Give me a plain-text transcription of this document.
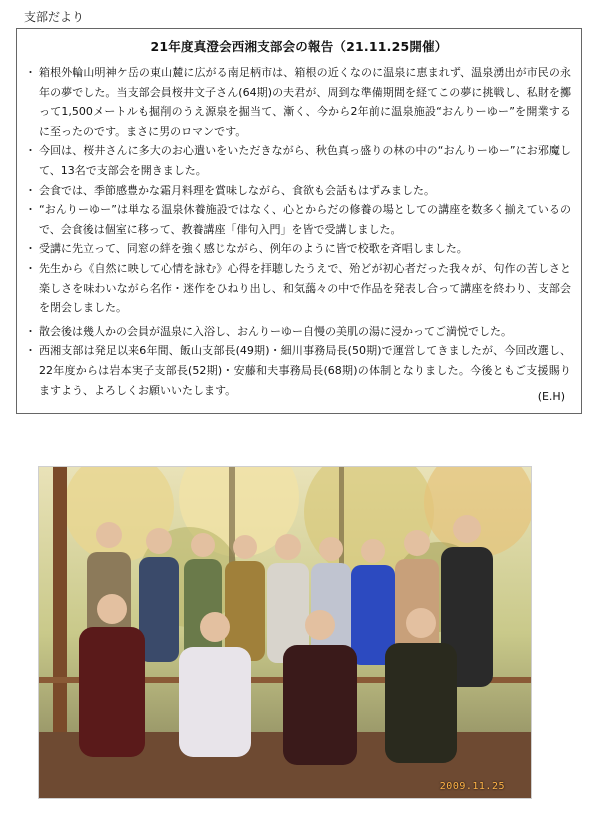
支部だより
21年度真澄会西湘支部会の報告（21.11.25開催）
・ 箱根外輪山明神ケ岳の東山麓に広がる南足柄市は、箱根の近くなのに温泉に恵まれず、温泉湧出が市民の永年の夢でした。当支部会員桜井文子さん(64期)の夫君が、周到な準備期間を経てこの夢に挑戦し、私財を擲って1,500メートルも掘削のうえ源泉を掘当て、漸く、今から2年前に温泉施設“おんりーゆー”を開業するに至ったのです。まさに男のロマンです。
・ 今回は、桜井さんに多大のお心遣いをいただきながら、秋色真っ盛りの林の中の“おんりーゆー”にお邪魔して、13名で支部会を開きました。
・ 会食では、季節感豊かな霜月料理を賞味しながら、食欲も会話もはずみました。
・ “おんりーゆー”は単なる温泉休養施設ではなく、心とからだの修養の場としての講座を数多く揃えているので、会食後は個室に移って、教養講座「俳句入門」を皆で受講しました。
・ 受講に先立って、同窓の絆を強く感じながら、例年のように皆で校歌を斉唱しました。
・ 先生から《自然に映して心情を詠む》心得を拝聴したうえで、殆どが初心者だった我々が、句作の苦しさと楽しさを味わいながら名作・迷作をひねり出し、和気藹々の中で作品を発表し合って講座を終わり、支部会を閉会しました。
・ 散会後は幾人かの会員が温泉に入浴し、おんりーゆー自慢の美肌の湯に浸かってご満悦でした。
・ 西湘支部は発足以来6年間、飯山支部長(49期)・細川事務局長(50期)で運営してきましたが、今回改選し、22年度からは岩本実子支部長(52期)・安藤和夫事務局長(68期)の体制となりました。今後ともご支援賜りますよう、よろしくお願いいたします。	(E.H)
2009.11.25
